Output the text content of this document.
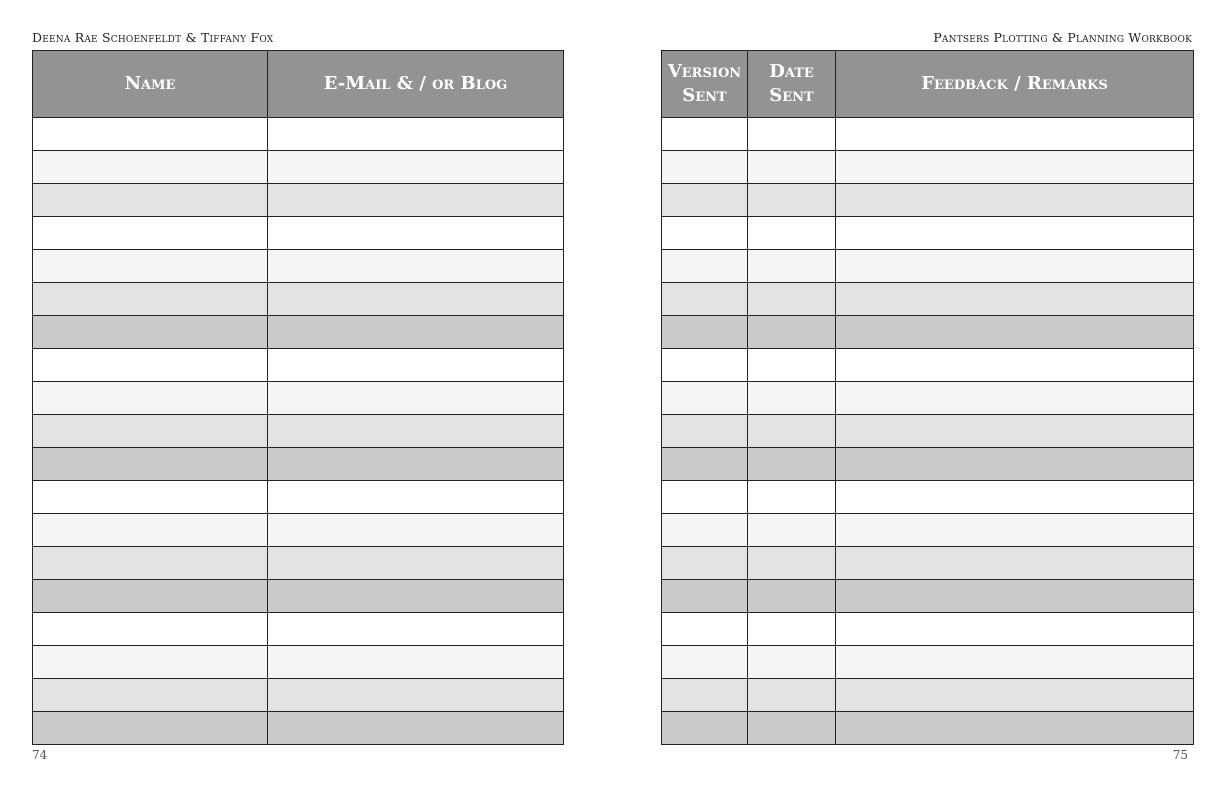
Deena Rae Schoenfeldt & Tiffany Fox	Pantsers Plotting & Planning Workbook
Name	E-Mail & / or Blog

Version Sent	Date Sent	Feedback / Remarks

74	75
